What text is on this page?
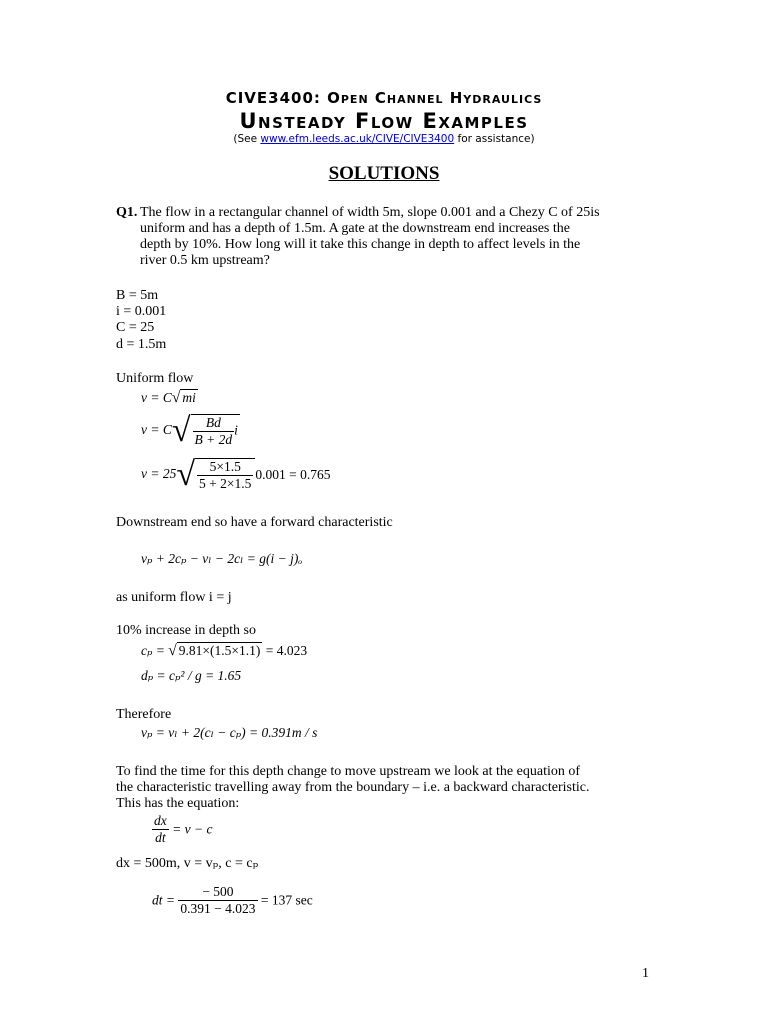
CIVE3400: Open Channel Hydraulics
Unsteady Flow Examples
(See www.efm.leeds.ac.uk/CIVE/CIVE3400 for assistance)
SOLUTIONS
Q1. The flow in a rectangular channel of width 5m, slope 0.001 and a Chezy C of 25is
uniform and has a depth of 1.5m. A gate at the downstream end increases the
depth by 10%. How long will it take this change in depth to affect levels in the
river 0.5 km upstream?
B = 5m
i = 0.001
C = 25
d = 1.5m
Uniform flow
v = C√ mi
$v = C√ \frac{Bd}{B + 2d}$ i
$v = 25√ \frac{5\times 1.5}{5 + 2\times 1.5} 0.001 = 0.765$
Downstream end so have a forward characteristic
vₚ + 2cₚ − vₗ − 2cₗ = g(i − j)ₒ
as uniform flow i = j
10% increase in depth so
cₚ = √ 9.81×(1.5×1.1) = 4.023
dₚ = cₚ² / g = 1.65
Therefore
vₚ = vₗ + 2(cₗ − cₚ) = 0.391m / s
To find the time for this depth change to move upstream we look at the equation of
the characteristic travelling away from the boundary – i.e. a backward characteristic.
This has the equation:
$\frac{dx}{dt} = v - c$
dx = 500m, v = vₚ, c = cₚ
dt = $\frac{- 500}{0.391 - 4.023} = 137$ sec
1
